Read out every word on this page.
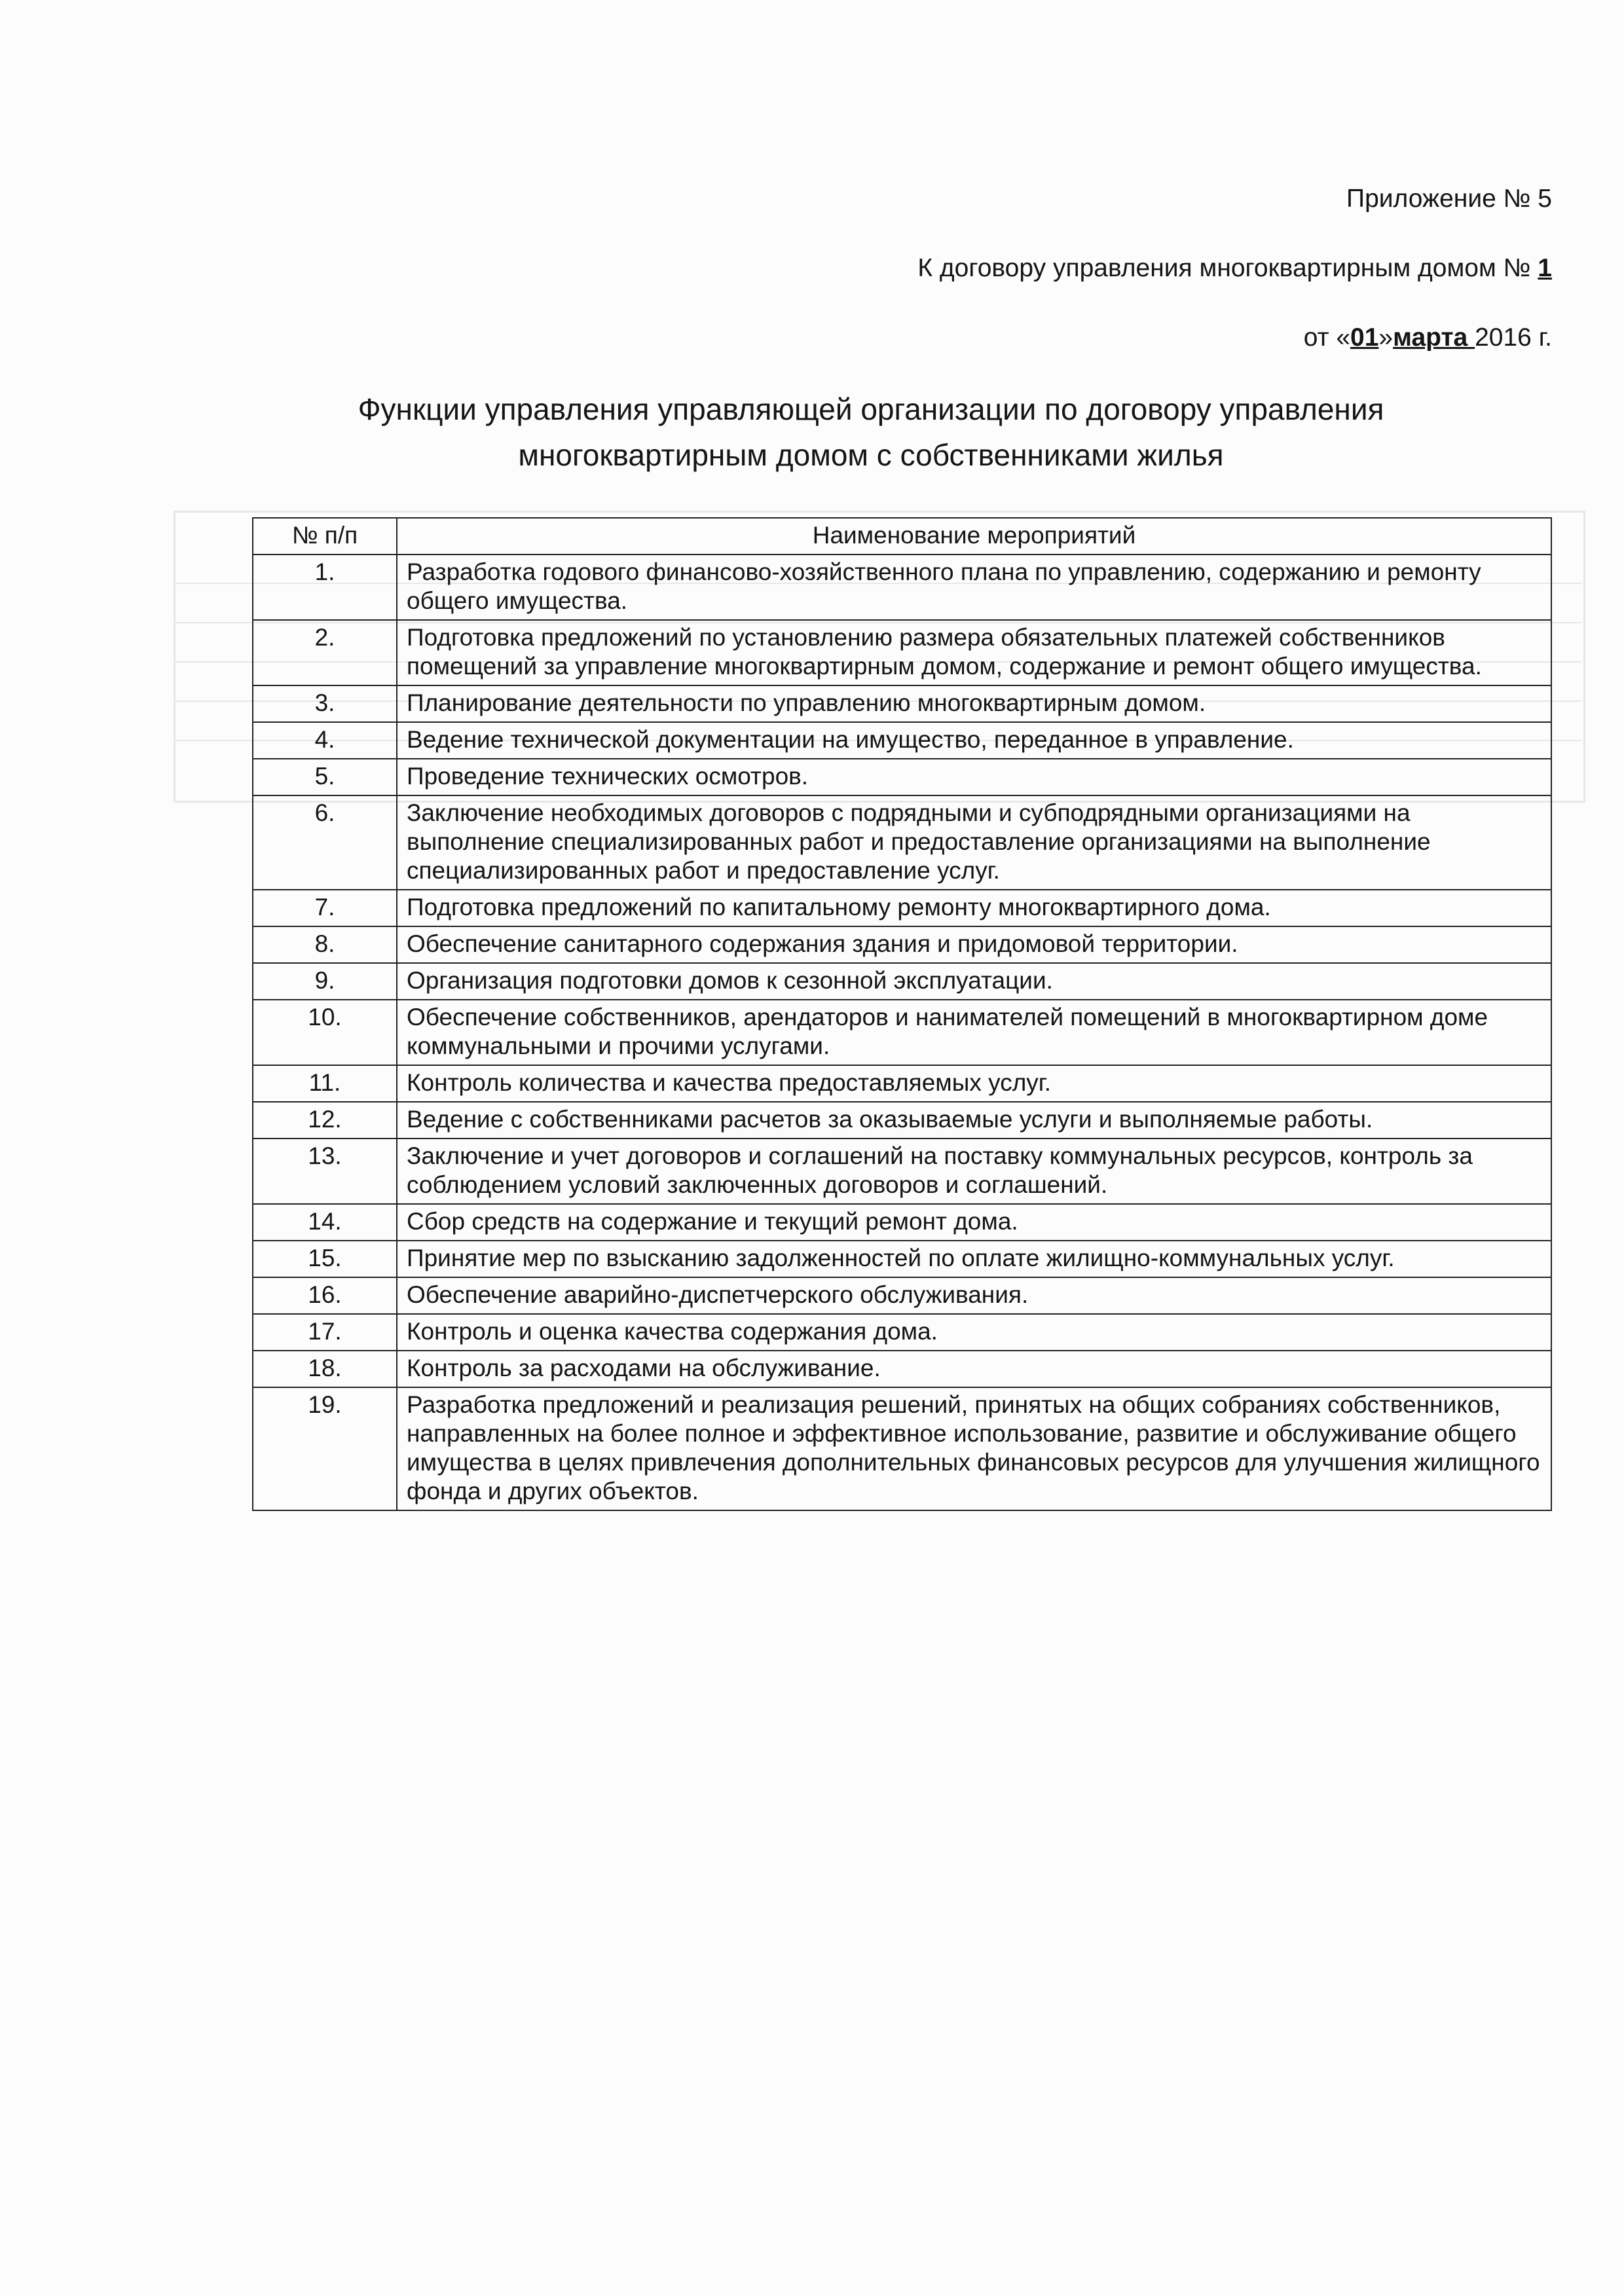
Приложение № 5
К договору управления многоквартирным домом № 1
от «01»марта 2016 г.
Функции управления управляющей организации по договору управления
многоквартирным домом с собственниками жилья
№ п/п	Наименование мероприятий
1.	Разработка годового финансово-хозяйственного плана по управлению, содержанию и ремонту общего имущества.
2.	Подготовка предложений по установлению размера обязательных платежей собственников помещений за управление многоквартирным домом, содержание и ремонт общего имущества.
3.	Планирование деятельности по управлению многоквартирным домом.
4.	Ведение технической документации на имущество, переданное в управление.
5.	Проведение технических осмотров.
6.	Заключение необходимых договоров с подрядными и субподрядными организациями на выполнение специализированных работ и предоставление организациями на выполнение специализированных работ и предоставление услуг.
7.	Подготовка предложений по капитальному ремонту многоквартирного дома.
8.	Обеспечение санитарного содержания здания и придомовой территории.
9.	Организация подготовки домов к сезонной эксплуатации.
10.	Обеспечение собственников, арендаторов и нанимателей помещений в многоквартирном доме коммунальными и прочими услугами.
11.	Контроль количества и качества предоставляемых услуг.
12.	Ведение с собственниками расчетов за оказываемые услуги и выполняемые работы.
13.	Заключение и учет договоров и соглашений на поставку коммунальных ресурсов, контроль за соблюдением условий заключенных договоров и соглашений.
14.	Сбор средств на содержание и текущий ремонт дома.
15.	Принятие мер по взысканию задолженностей по оплате жилищно-коммунальных услуг.
16.	Обеспечение аварийно-диспетчерского обслуживания.
17.	Контроль и оценка качества содержания дома.
18.	Контроль за расходами на обслуживание.
19.	Разработка предложений и реализация решений, принятых на общих собраниях собственников, направленных на более полное и эффективное использование, развитие и обслуживание общего имущества в целях привлечения дополнительных финансовых ресурсов для улучшения жилищного фонда и других объектов.
